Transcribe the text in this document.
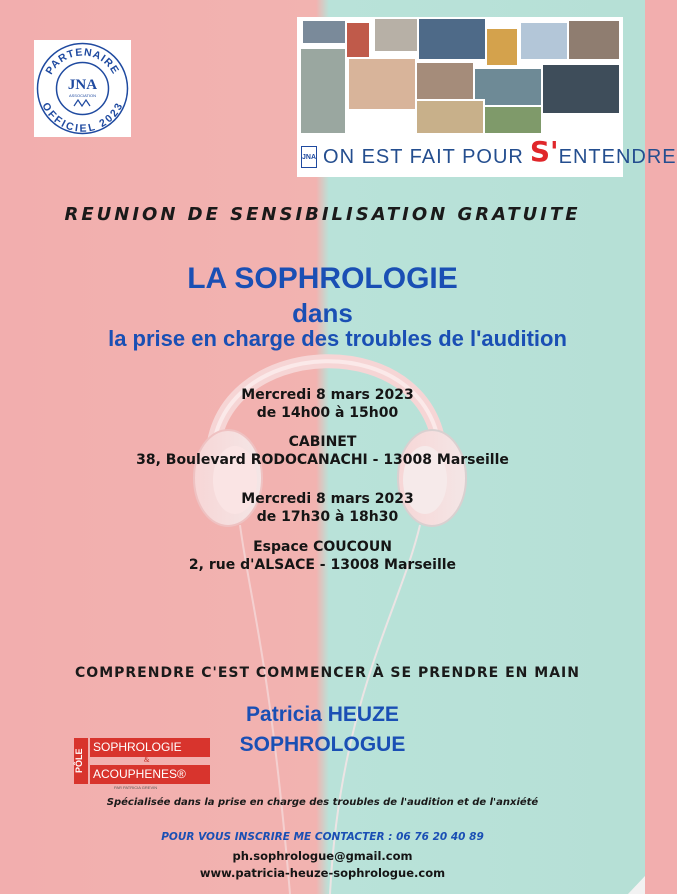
PARTENAIRE
OFFICIEL 2023
JNA
ASSOCIATION
JNA ON EST FAIT POUR S' ENTENDRE
REUNION DE SENSIBILISATION GRATUITE
LA SOPHROLOGIE
dans
la prise en charge des troubles de l'audition
Mercredi 8 mars 2023
de 14h00 à 15h00
CABINET
38, Boulevard RODOCANACHI - 13008 Marseille
Mercredi 8 mars 2023
de 17h30 à 18h30
Espace COUCOUN
2, rue d'ALSACE - 13008 Marseille
COMPRENDRE C'EST COMMENCER À SE PRENDRE EN MAIN
Patricia HEUZE
SOPHROLOGUE
PÔLE
SOPHROLOGIE
&
ACOUPHENES®
PAR PATRICIA GREVIN
Spécialisée dans la prise en charge des troubles de l'audition et de l'anxiété
POUR VOUS INSCRIRE ME CONTACTER : 06 76 20 40 89
ph.sophrologue@gmail.com
www.patricia-heuze-sophrologue.com
